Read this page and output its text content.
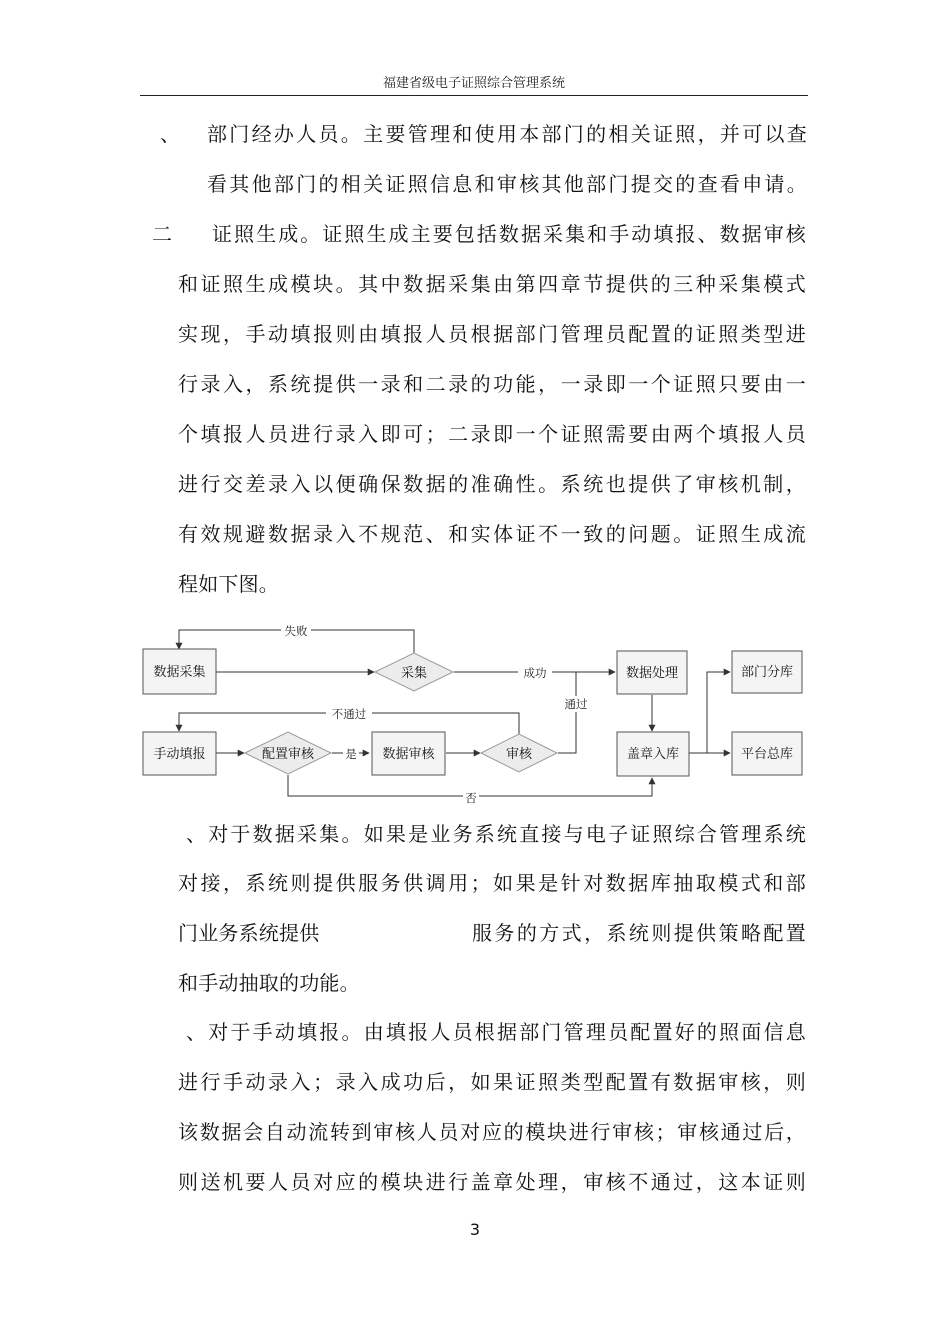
福建省级电子证照综合管理系统
、 部门经办人员。主要管理和使用本部门的相关证照，并可以查
看其他部门的相关证照信息和审核其他部门提交的查看申请。
二 证照生成。证照生成主要包括数据采集和手动填报、数据审核
和证照生成模块。其中数据采集由第四章节提供的三种采集模式
实现，手动填报则由填报人员根据部门管理员配置的证照类型进
行录入，系统提供一录和二录的功能，一录即一个证照只要由一
个填报人员进行录入即可；二录即一个证照需要由两个填报人员
进行交差录入以便确保数据的准确性。系统也提供了审核机制，
有效规避数据录入不规范、和实体证不一致的问题。证照生成流
程如下图。
失败
成功
通过
不通过
是
否
数据采集	采集	数据处理	部门分库
手动填报	配置审核	数据审核	审核	盖章入库	平台总库
、对于数据采集。如果是业务系统直接与电子证照综合管理系统
对接，系统则提供服务供调用；如果是针对数据库抽取模式和部
门业务系统提供	服务的方式，系统则提供策略配置
和手动抽取的功能。
、对于手动填报。由填报人员根据部门管理员配置好的照面信息
进行手动录入；录入成功后，如果证照类型配置有数据审核，则
该数据会自动流转到审核人员对应的模块进行审核；审核通过后，
则送机要人员对应的模块进行盖章处理，审核不通过，这本证则
3
